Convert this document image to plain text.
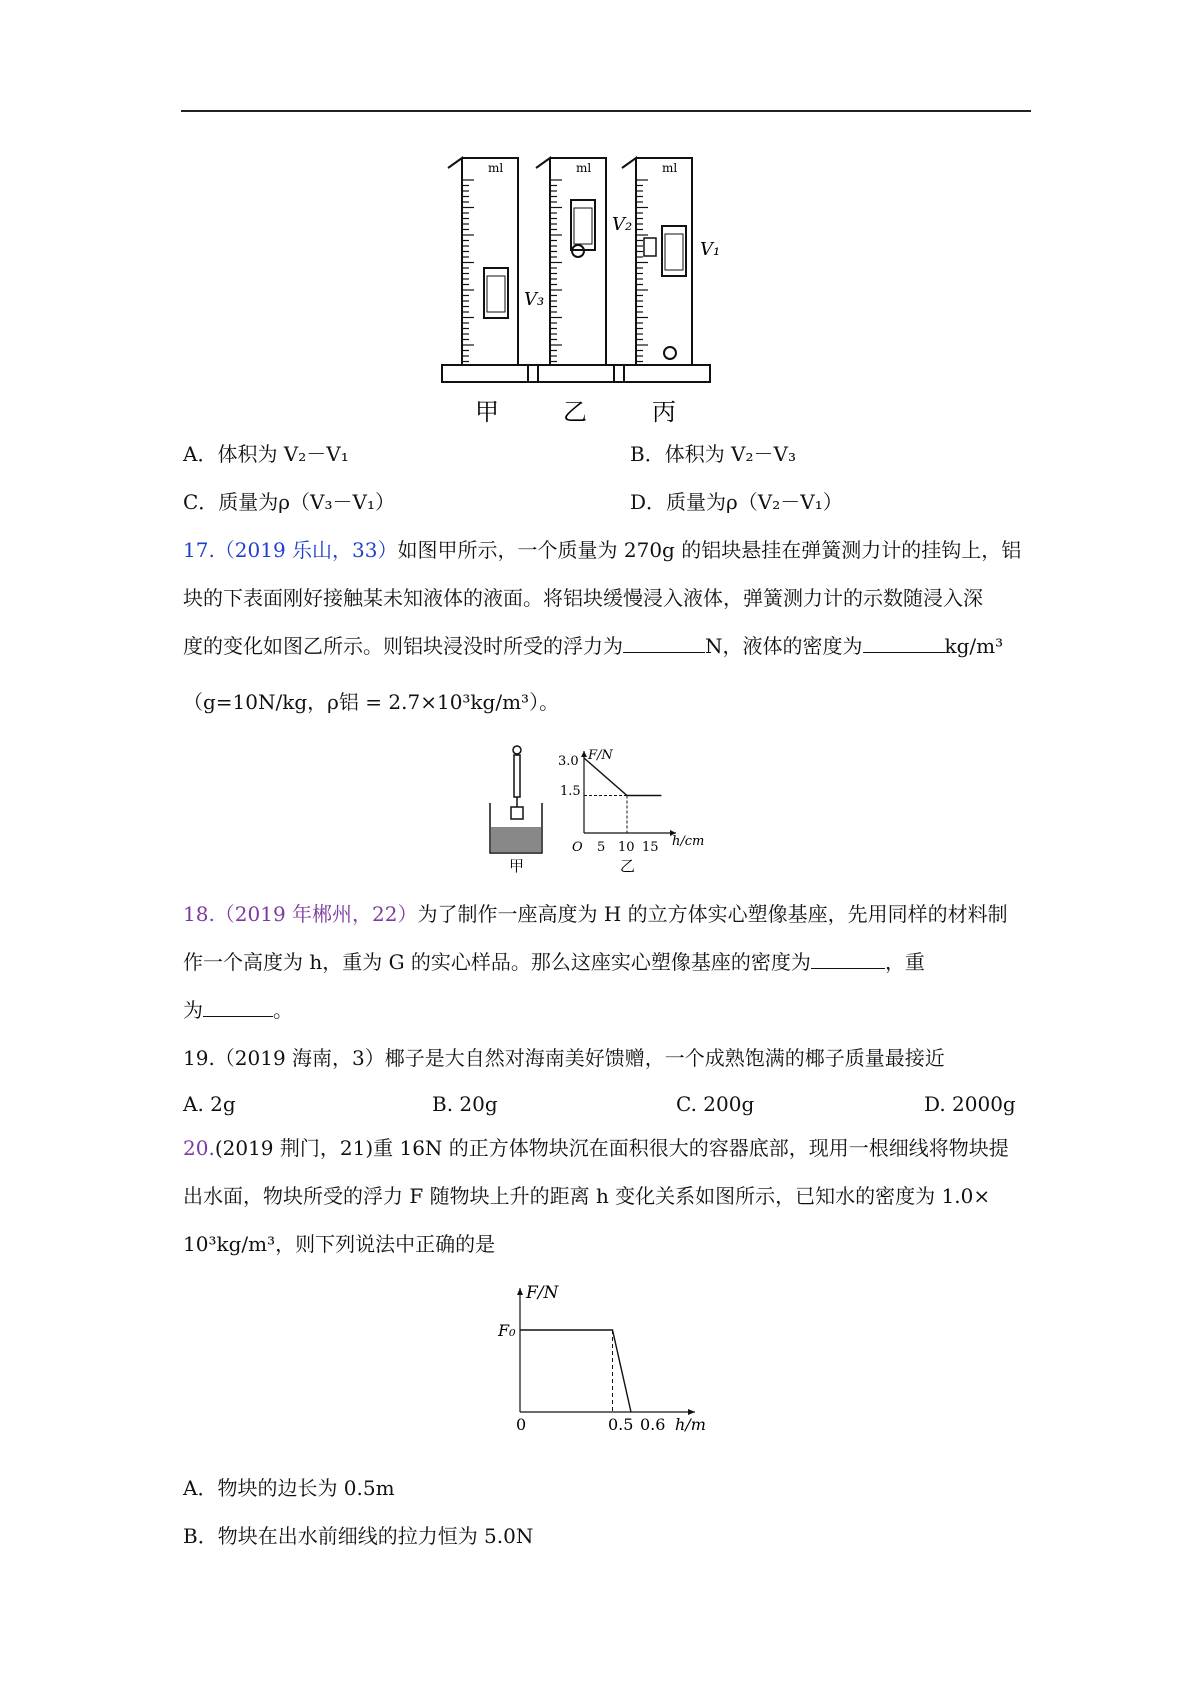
ml	ml	ml
V₃
V₂
V₁
甲	乙	丙
A．体积为 V₂－V₁	B．体积为 V₂－V₃
C．质量为ρ（V₃－V₁）	D．质量为ρ（V₂－V₁）
17.（2019 乐山，33）如图甲所示，一个质量为 270g 的铝块悬挂在弹簧测力计的挂钩上，铝
块的下表面刚好接触某未知液体的液面。将铝块缓慢浸入液体，弹簧测力计的示数随浸入深
度的变化如图乙所示。则铝块浸没时所受的浮力为	N，液体的密度为	kg/m³
（g=10N/kg，ρ铝 = 2.7×10³kg/m³）。
甲
F/N
h/cm
O
3.0
1.5
5 10 15
乙
18.（2019 年郴州，22）为了制作一座高度为 H 的立方体实心塑像基座，先用同样的材料制
作一个高度为 h，重为 G 的实心样品。那么这座实心塑像基座的密度为	，重
为	。
19.（2019 海南，3）椰子是大自然对海南美好馈赠，一个成熟饱满的椰子质量最接近
A. 2g	B. 20g	C. 200g	D. 2000g
20.(2019 荆门，21)重 16N 的正方体物块沉在面积很大的容器底部，现用一根细线将物块提
出水面，物块所受的浮力 F 随物块上升的距离 h 变化关系如图所示，已知水的密度为 1.0×
10³kg/m³，则下列说法中正确的是
F/N
h/m
F₀
0	0.5 0.6
A．物块的边长为 0.5m
B．物块在出水前细线的拉力恒为 5.0N
